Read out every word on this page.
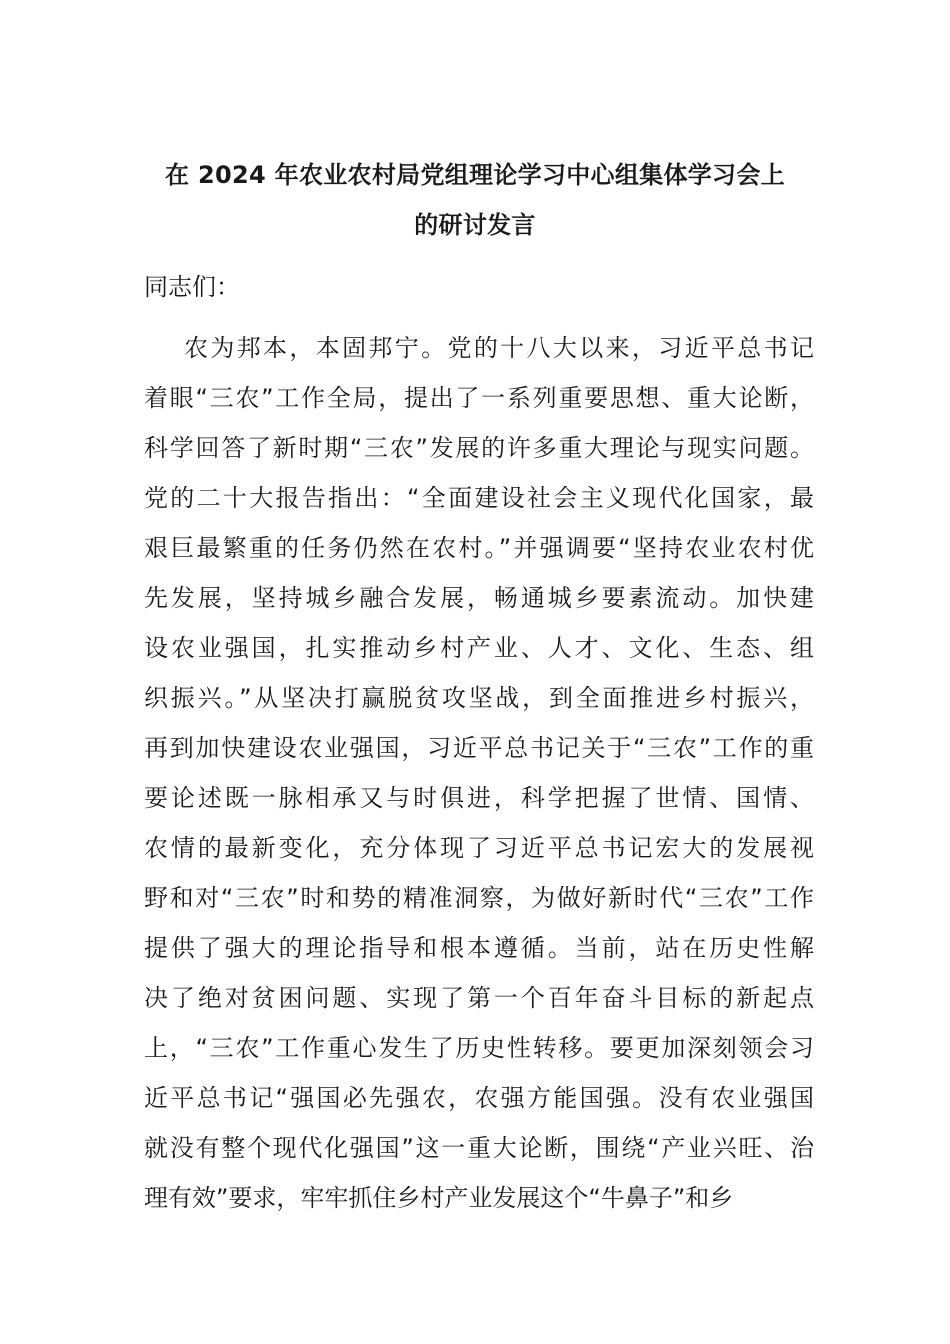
在 2024 年农业农村局党组理论学习中心组集体学习会上
的研讨发言

同志们：

农为邦本，本固邦宁。党的十八大以来，习近平总书记
着眼“三农”工作全局，提出了一系列重要思想、重大论断，
科学回答了新时期“三农”发展的许多重大理论与现实问题。
党的二十大报告指出：“全面建设社会主义现代化国家，最
艰巨最繁重的任务仍然在农村。”并强调要“坚持农业农村优
先发展，坚持城乡融合发展，畅通城乡要素流动。加快建
设农业强国，扎实推动乡村产业、人才、文化、生态、组
织振兴。”从坚决打赢脱贫攻坚战，到全面推进乡村振兴，
再到加快建设农业强国，习近平总书记关于“三农”工作的重
要论述既一脉相承又与时俱进，科学把握了世情、国情、
农情的最新变化，充分体现了习近平总书记宏大的发展视
野和对“三农”时和势的精准洞察，为做好新时代“三农”工作
提供了强大的理论指导和根本遵循。当前，站在历史性解
决了绝对贫困问题、实现了第一个百年奋斗目标的新起点
上，“三农”工作重心发生了历史性转移。要更加深刻领会习
近平总书记“强国必先强农，农强方能国强。没有农业强国
就没有整个现代化强国”这一重大论断，围绕“产业兴旺、治
理有效”要求，牢牢抓住乡村产业发展这个“牛鼻子”和乡
